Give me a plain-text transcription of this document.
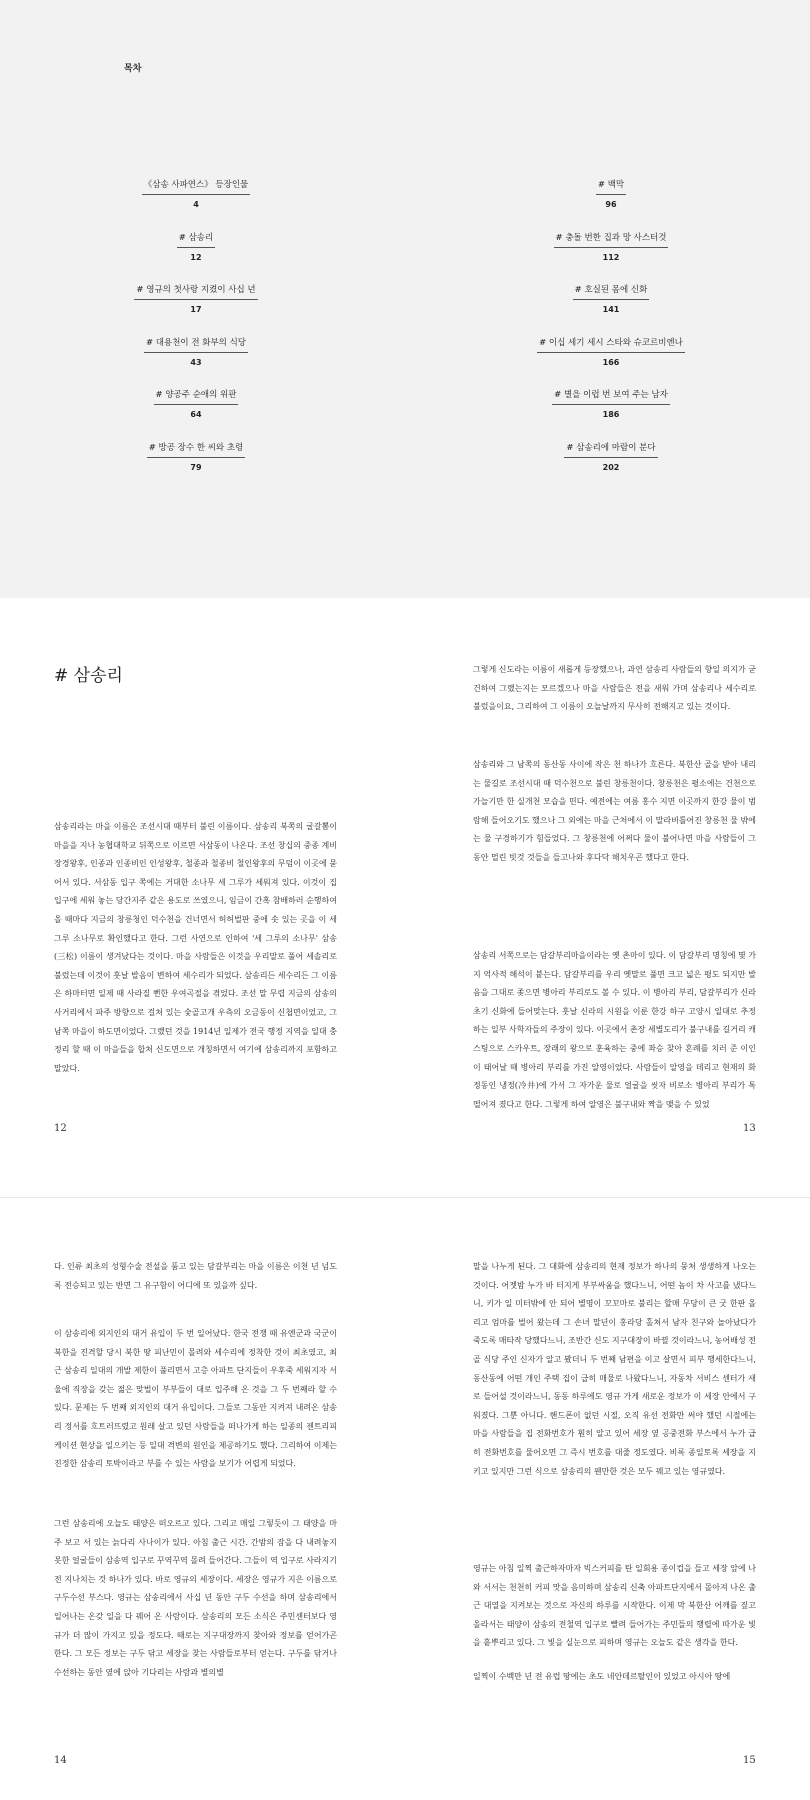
목차
《삼송 사파연스》 등장인물
4
# 삼송리
12
# 영규의 첫사랑 지켰이 사십 년
17
# 대용천이 전 화부의 식당
43
# 양공주 순애의 위판
64
# 방공 장수 한 씨와 초령
79
# 백막
96
# 충돌 번한 집과 망 사스터것
112
# 호실된 몸에 신화
141
# 이십 세기 세시 스타와 슈코르비엔나
166
# 별을 이럽 번 보여 주는 남자
186
# 삼송리에 마람이 분다
202
# 삼송리
삼송리라는 마을 이름은 조선시대 때부터 불린 이름이다. 삼송리 북쪽의 굴갈뽐이 마을을 지나 농협대학교 뒤쪽으로 이르면 서삼동이 나온다. 조선 창십의 중종 계비 장경왕후, 인종과 인종비인 인성왕후, 철종과 철종비 철인왕후의 무덤이 이곳에 묻어서 있다. 서삼동 입구 쪽에는 거대한 소나무 세 그루가 세워져 있다. 이것이 집 입구에 세워 놓는 당간지주 같은 용도로 쓰였으니, 임금이 간혹 참배하러 순행하여 올 때마다 지금의 창릉청인 덕수천을 건너면서 허허벌판 중에 솟 있는 곳을 이 세 그루 소나무로 확인했다고 한다. 그런 사연으로 인하여 '세 그루의 소나무' 삼송(三松) 이름이 생겨났다는 것이다. 마을 사람들은 이것을 우리말로 풀어 세솔리로 불렀는데 이것이 훗날 발음이 변하여 세수리가 되었다. 삼송리든 세수리든 그 이름은 하마터면 일제 때 사라질 뻔한 우여곡절을 겪었다. 조선 말 무렵 지금의 삼송의 사거리에서 파주 방향으로 걸쳐 있는 숯골고개 우측의 오금동이 신첩면이었고, 그 남쪽 마을이 하도면이었다. 그랬던 것을 1914년 일제가 전국 행정 지역을 일대 충정리 할 때 이 마을들을 합쳐 신도면으로 개칭하면서 여기에 삼송리까지 포함하고 말았다.
그렇게 신도라는 이름이 새롭게 등장했으나, 과연 삼송리 사람들의 향일 의지가 굳건하여 그랬는지는 모르겠으나 마을 사람들은 전을 새워 가며 삼송리나 세수리로 불렀을이요, 그리하여 그 이름이 오늘날까지 무사히 전해지고 있는 것이다.
삼송리와 그 남쪽의 동산동 사이에 작은 천 하나가 흐른다. 북한산 골을 받아 내리는 물길로 조선시대 때 덕수천으로 불린 창릉천이다. 창릉천은 평소에는 건천으로 가늘기만 한 실개천 모습을 띤다. 예전에는 여름 홍수 지면 이곳까지 한강 물이 범람해 들어오기도 했으나 그 외에는 마을 근처에서 이 말라비틀어진 창릉천 물 밖에는 물 구경하기가 힘들었다. 그 창릉천에 어쩌다 물이 불어나면 마을 사람들이 그동안 멀린 빗것 것들을 들고나와 후다닥 해치우곤 했다고 한다.
삼송리 서쪽으로는 담갈부리마을이라는 옛 촌마이 있다. 이 담갈부리 명칭에 몇 가지 억사적 해석이 붙는다. 담갈부리를 우리 옛말로 풀면 크고 넓은 평도 되지만 발음을 그대로 좇으면 병아리 부리로도 볼 수 있다. 이 병아리 부리, 담갈부리가 신라 초기 신화에 들어맞는다. 훗날 신라의 시원을 이룬 한강 하구 고양시 일대로 추정하는 일부 사학자들의 주장이 있다. 이곳에서 촌장 세별도리가 불구내를 길거리 캐스팅으로 스카우트, 장래의 왕으로 훈육하는 중에 좌승 찾아 혼례를 치러 준 이인이 태어날 때 병아리 부리를 가진 알영이었다. 사람들이 알영을 데리고 현재의 화정동인 냉정(冷井)에 가서 그 자가운 물로 얼굴을 씻자 비로소 병아리 부리가 톡 떨어져 졌다고 한다. 그렇게 하여 알영은 불구내와 짝을 맺을 수 있었
12	13
다. 인류 최초의 성형수술 전설을 품고 있는 담갈부리는 마을 이름은 이천 년 넘도록 전승되고 있는 반면 그 유구함이 어디에 또 있을까 싶다.
이 삼송리에 외지인의 대거 유입이 두 번 일어났다. 한국 전쟁 때 유엔군과 국군이 북한을 진격할 당시 북한 땅 피난민이 몰려와 세수리에 정착한 것이 최초였고, 최근 삼송리 일대의 개발 제한이 풀리면서 고층 아파트 단지들이 우후죽 세워지자 서울에 직장을 갖는 젊은 맞벌이 부부들이 대로 입주해 온 것을 그 두 번째라 할 수 있다. 문제는 두 번째 외지인의 대거 유입이다. 그들로 그동안 지켜져 내려온 삼송리 정서를 흐트러뜨렸고 원래 살고 있던 사람들을 떠나가게 하는 일종의 젠트리피케이션 현상을 일으키는 등 일대 격변의 원인을 제공하기도 했다. 그리하여 이제는 진정한 삼송리 토박이라고 부를 수 있는 사람을 보기가 어렵게 되었다.
그런 삼송리에 오늘도 태양은 떠오르고 있다. 그리고 매일 그렇듯이 그 태양을 마주 보고 서 있는 늙다리 사나이가 있다. 아침 출근 시간. 간밤의 잠을 다 내려놓지 못한 얼굴들이 삼송역 입구로 꾸역꾸역 몰려 들어간다. 그들이 역 입구로 사라지기 전 지나치는 것 하나가 있다. 바로 영규의 세장이다. 세장은 영규가 지은 이름으로 구두수선 부스다. 영규는 삼송리에서 사십 년 동안 구두 수선을 하며 삼송리에서 일어나는 온갖 일을 다 꿰어 온 사람이다. 삼송리의 모든 소식은 주민센터보다 영규가 더 많이 가지고 있을 정도다. 때로는 지구대장까지 찾아와 정보를 얻어가곤 한다. 그 모든 정보는 구두 닦고 세장을 찾는 사람들로부터 얻는다. 구두를 닦거나 수선하는 동안 옆에 앉아 기다리는 사람과 별의별
말을 나누게 된다. 그 대화에 삼송리의 현재 정보가 하나의 뭉쳐 생생하게 나오는 것이다. 어젯밤 누가 바 터지게 부부싸움을 했다느니, 어떤 놈이 차 사고를 냈다느니, 키가 일 미터밖에 안 되어 별명이 꼬꼬마로 불리는 할매 무당이 큰 굿 한판 올리고 엄마를 벌어 왔는데 그 손녀 말년이 홍라당 홀쳐서 남자 친구와 놀아났다가 죽도록 매타작 당했다느니, 조반간 신도 지구대장이 바뀔 것이라느니, 농어배성 전골 식당 주인 신자가 알고 봤더니 두 번째 남편을 이고 살면서 피부 행세한다느니, 동산동에 어떤 개인 주택 집이 급히 매물로 나왔다느니, 자동차 서비스 센터가 새로 들어설 것이라느니, 동동 하루에도 영규 가게 새로운 정보가 이 세장 안에서 구워졌다. 그뿐 아니다. 핸드폰이 없던 시절, 오직 유선 전화만 써야 했던 시절에는 마을 사람들을 집 전화번호가 훤히 알고 있어 세장 옆 공중전화 부스에서 누가 급히 전화번호를 물어오면 그 즉시 번호를 대줄 정도였다. 비록 종일토록 세장을 지키고 있지만 그런 식으로 삼송리의 웬만한 것은 모두 꿰고 있는 영규였다.
영규는 아침 일찍 출근하자마자 빅스커피를 탄 일회용 종이컵을 들고 세장 앞에 나와 서서는 천천히 커피 맛을 음미하며 삼송리 신축 아파트단지에서 몰아져 나온 출근 대열을 지켜보는 것으로 자신의 하루를 시작한다. 이제 막 북한산 어깨를 짚고 올라서는 태양이 삼송의 전철역 입구로 빨려 들어가는 주민들의 행렬에 따가운 빛을 흩뿌리고 있다. 그 빛을 실눈으로 피하며 영규는 오늘도 같은 생각을 한다.
일찍이 수백만 년 전 유럽 땅에는 초도 네안데르탈인이 있었고 아시아 땅에
14	15
